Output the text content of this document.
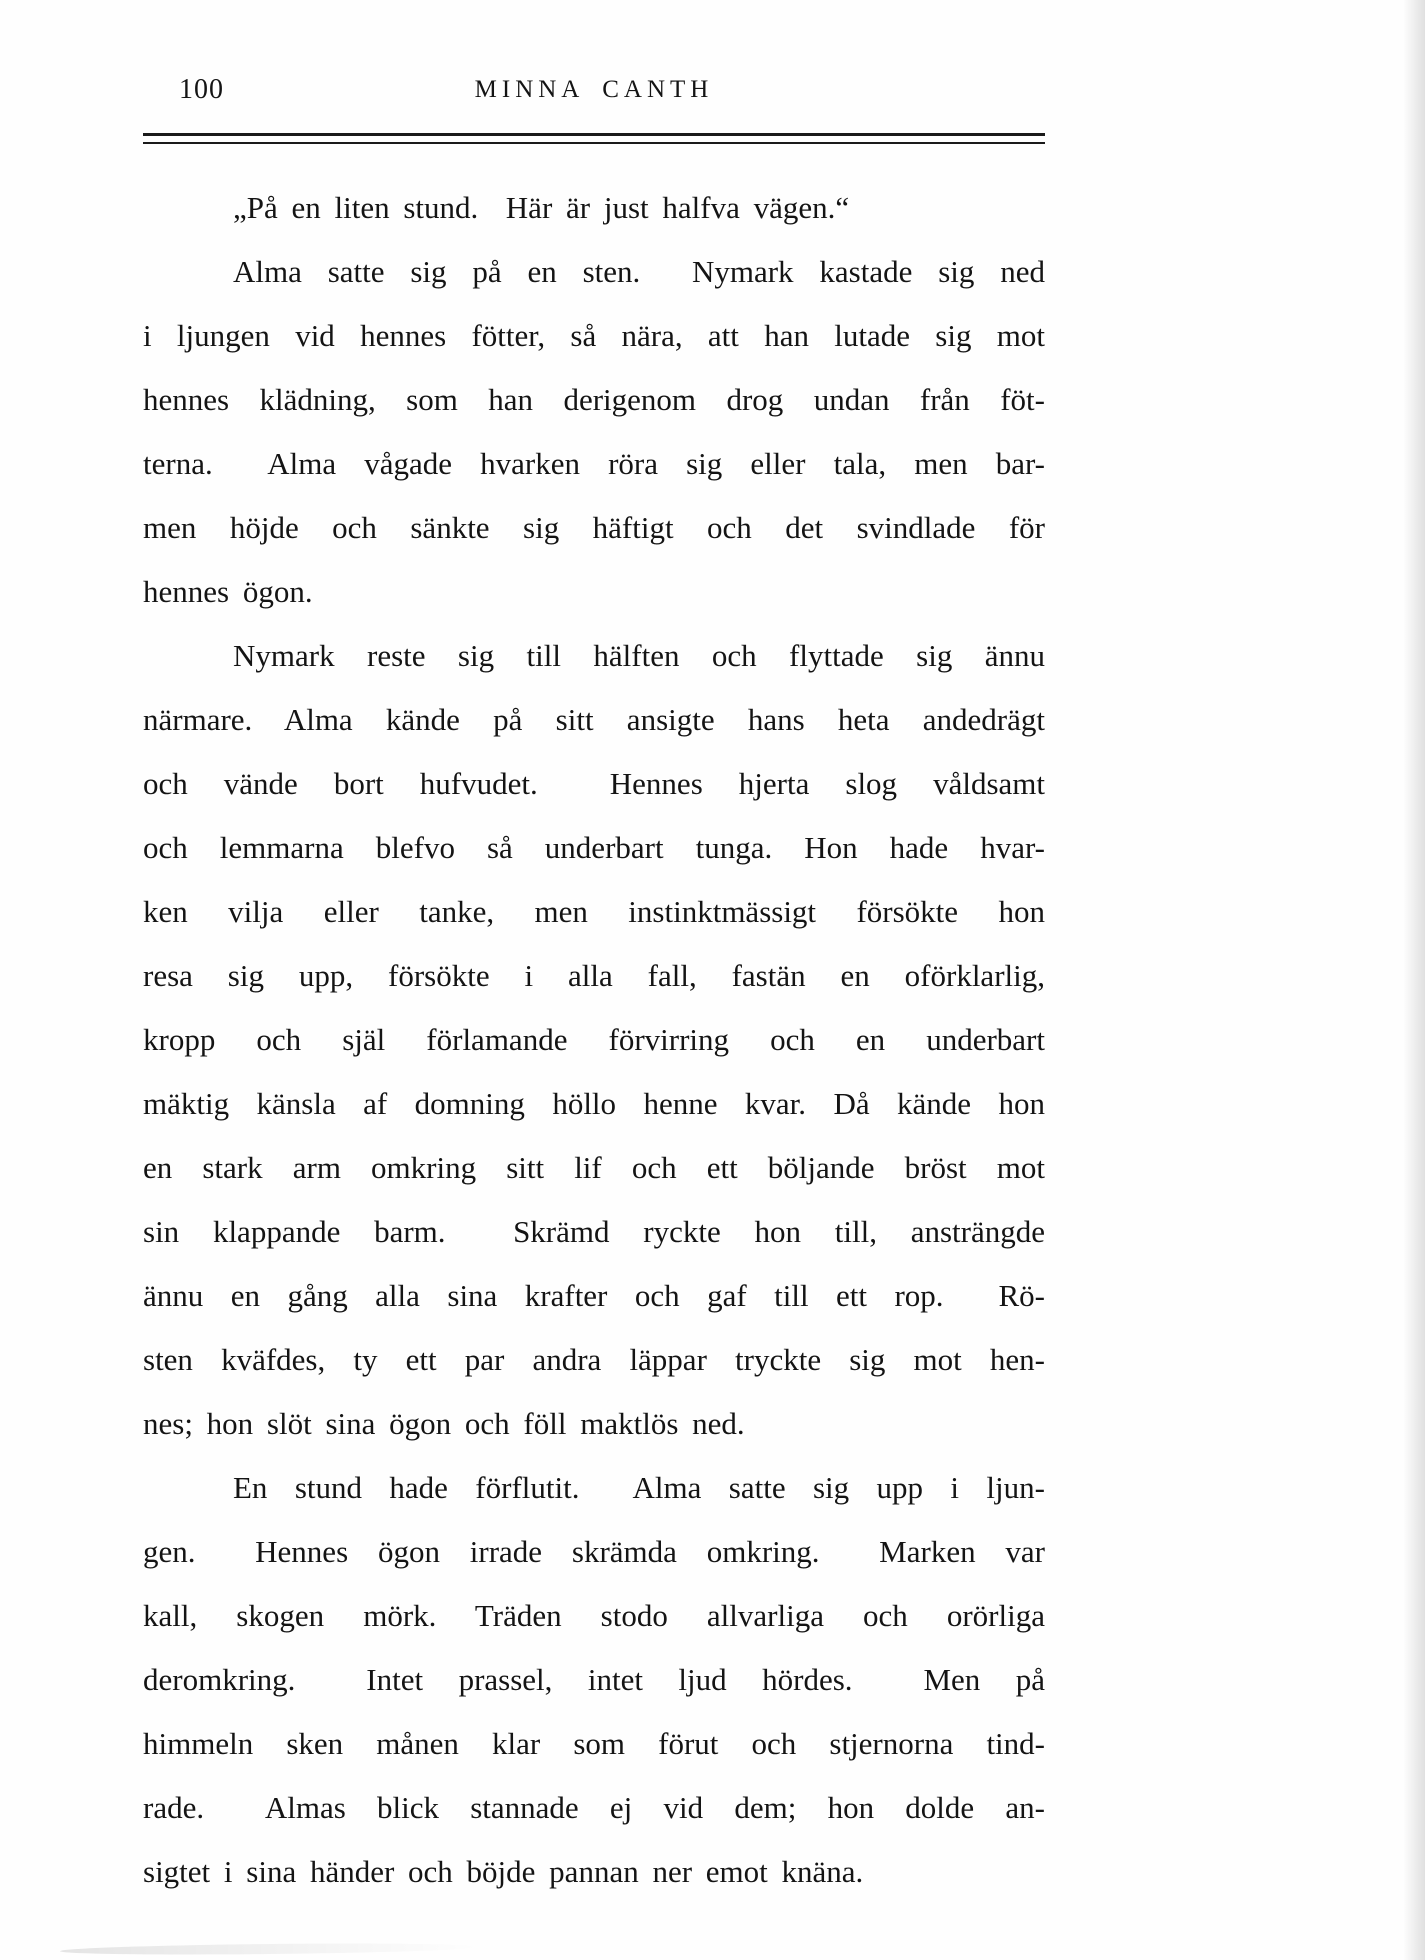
100	MINNA CANTH
„På en liten stund.  Här är just halfva vägen.“
Alma satte sig på en sten.  Nymark kastade sig ned
i ljungen vid hennes fötter, så nära, att han lutade sig mot
hennes klädning, som han derigenom drog undan från föt-
terna.  Alma vågade hvarken röra sig eller tala, men bar-
men höjde och sänkte sig häftigt och det svindlade för
hennes ögon.
Nymark reste sig till hälften och flyttade sig ännu
närmare. Alma kände på sitt ansigte hans heta andedrägt
och vände bort hufvudet.  Hennes hjerta slog våldsamt
och lemmarna blefvo så underbart tunga. Hon hade hvar-
ken vilja eller tanke, men instinktmässigt försökte hon
resa sig upp, försökte i alla fall, fastän en oförklarlig,
kropp och själ förlamande förvirring och en underbart
mäktig känsla af domning höllo henne kvar. Då kände hon
en stark arm omkring sitt lif och ett böljande bröst mot
sin klappande barm.  Skrämd ryckte hon till, ansträngde
ännu en gång alla sina krafter och gaf till ett rop.  Rö-
sten kväfdes, ty ett par andra läppar tryckte sig mot hen-
nes; hon slöt sina ögon och föll maktlös ned.
En stund hade förflutit.  Alma satte sig upp i ljun-
gen.  Hennes ögon irrade skrämda omkring.  Marken var
kall, skogen mörk. Träden stodo allvarliga och orörliga
deromkring.  Intet prassel, intet ljud hördes.  Men på
himmeln sken månen klar som förut och stjernorna tind-
rade.  Almas blick stannade ej vid dem; hon dolde an-
sigtet i sina händer och böjde pannan ner emot knäna.
